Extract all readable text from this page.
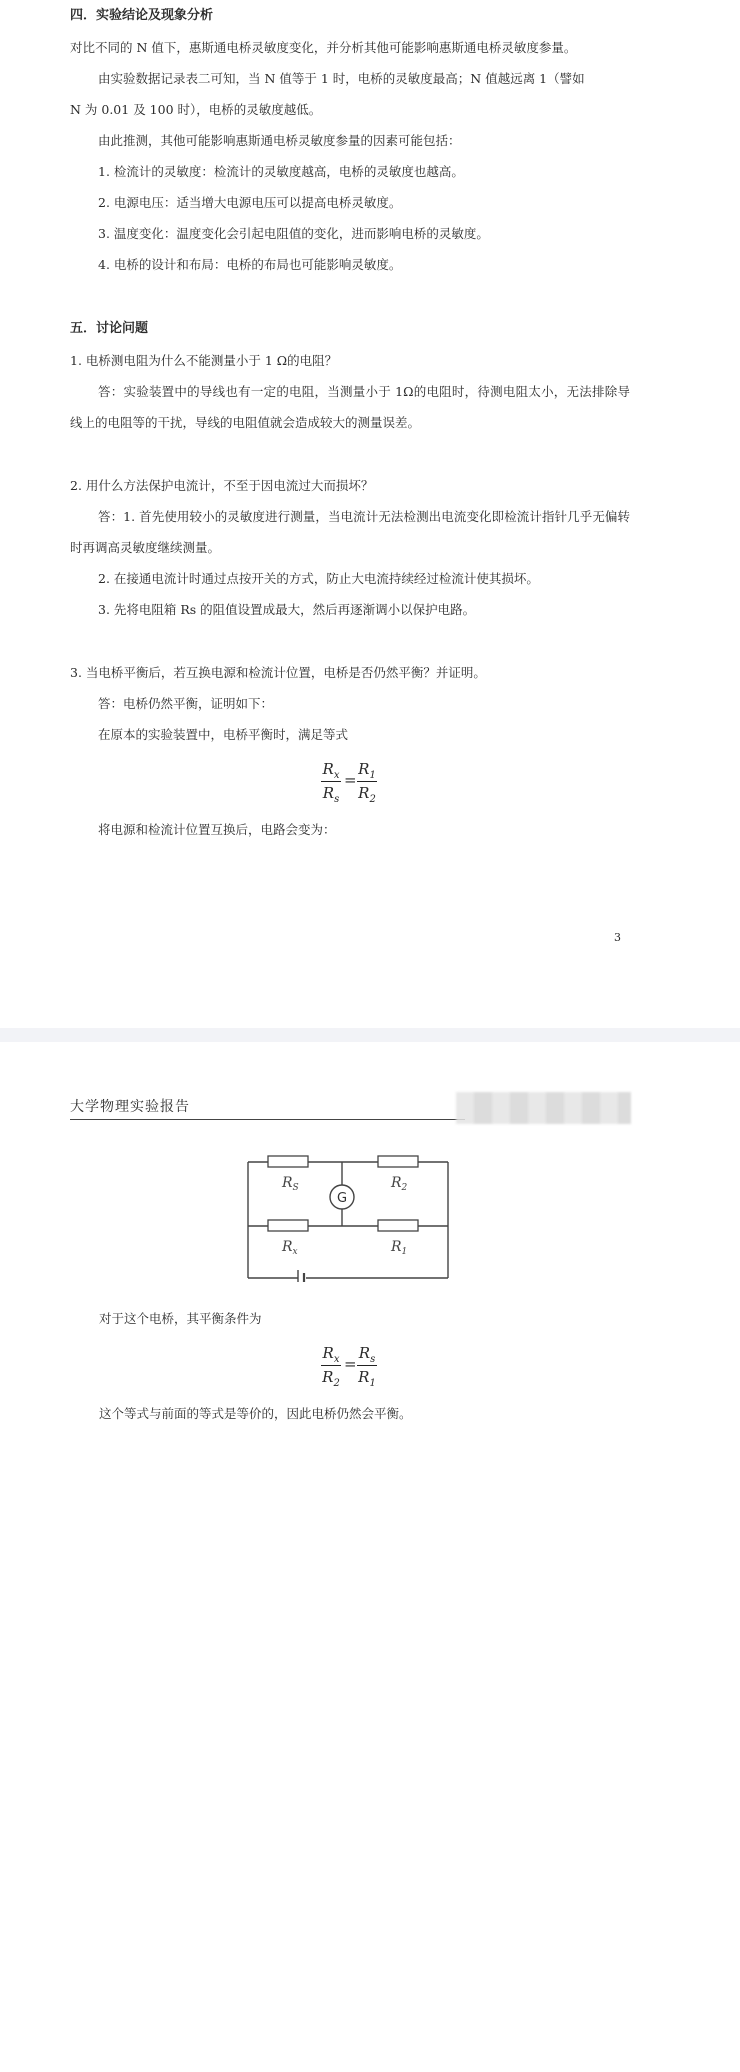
四．实验结论及现象分析
对比不同的 N 值下，惠斯通电桥灵敏度变化，并分析其他可能影响惠斯通电桥灵敏度参量。
由实验数据记录表二可知，当 N 值等于 1 时，电桥的灵敏度最高；N 值越远离 1（譬如
N 为 0.01 及 100 时），电桥的灵敏度越低。
由此推测，其他可能影响惠斯通电桥灵敏度参量的因素可能包括：
1. 检流计的灵敏度：检流计的灵敏度越高，电桥的灵敏度也越高。
2. 电源电压：适当增大电源电压可以提高电桥灵敏度。
3. 温度变化：温度变化会引起电阻值的变化，进而影响电桥的灵敏度。
4. 电桥的设计和布局：电桥的布局也可能影响灵敏度。
五．讨论问题
1. 电桥测电阻为什么不能测量小于 1 Ω的电阻？
答：实验装置中的导线也有一定的电阻，当测量小于 1Ω的电阻时，待测电阻太小，无法排除导线上的电阻等的干扰，导线的电阻值就会造成较大的测量误差。
2. 用什么方法保护电流计，不至于因电流过大而损坏？
答：1. 首先使用较小的灵敏度进行测量，当电流计无法检测出电流变化即检流计指针几乎无偏转时再调高灵敏度继续测量。
2. 在接通电流计时通过点按开关的方式，防止大电流持续经过检流计使其损坏。
3. 先将电阻箱 Rs 的阻值设置成最大，然后再逐渐调小以保护电路。
3. 当电桥平衡后，若互换电源和检流计位置，电桥是否仍然平衡？并证明。
答：电桥仍然平衡，证明如下：
在原本的实验装置中，电桥平衡时，满足等式
$R_x$
$R_s$
=
$R_1$
$R_2$
将电源和检流计位置互换后，电路会变为：
3
大学物理实验报告
G
$R_S$	$R_2$
$R_x$	$R_1$
对于这个电桥，其平衡条件为
$R_x$
$R_2$
=
$R_s$
$R_1$
这个等式与前面的等式是等价的，因此电桥仍然会平衡。
